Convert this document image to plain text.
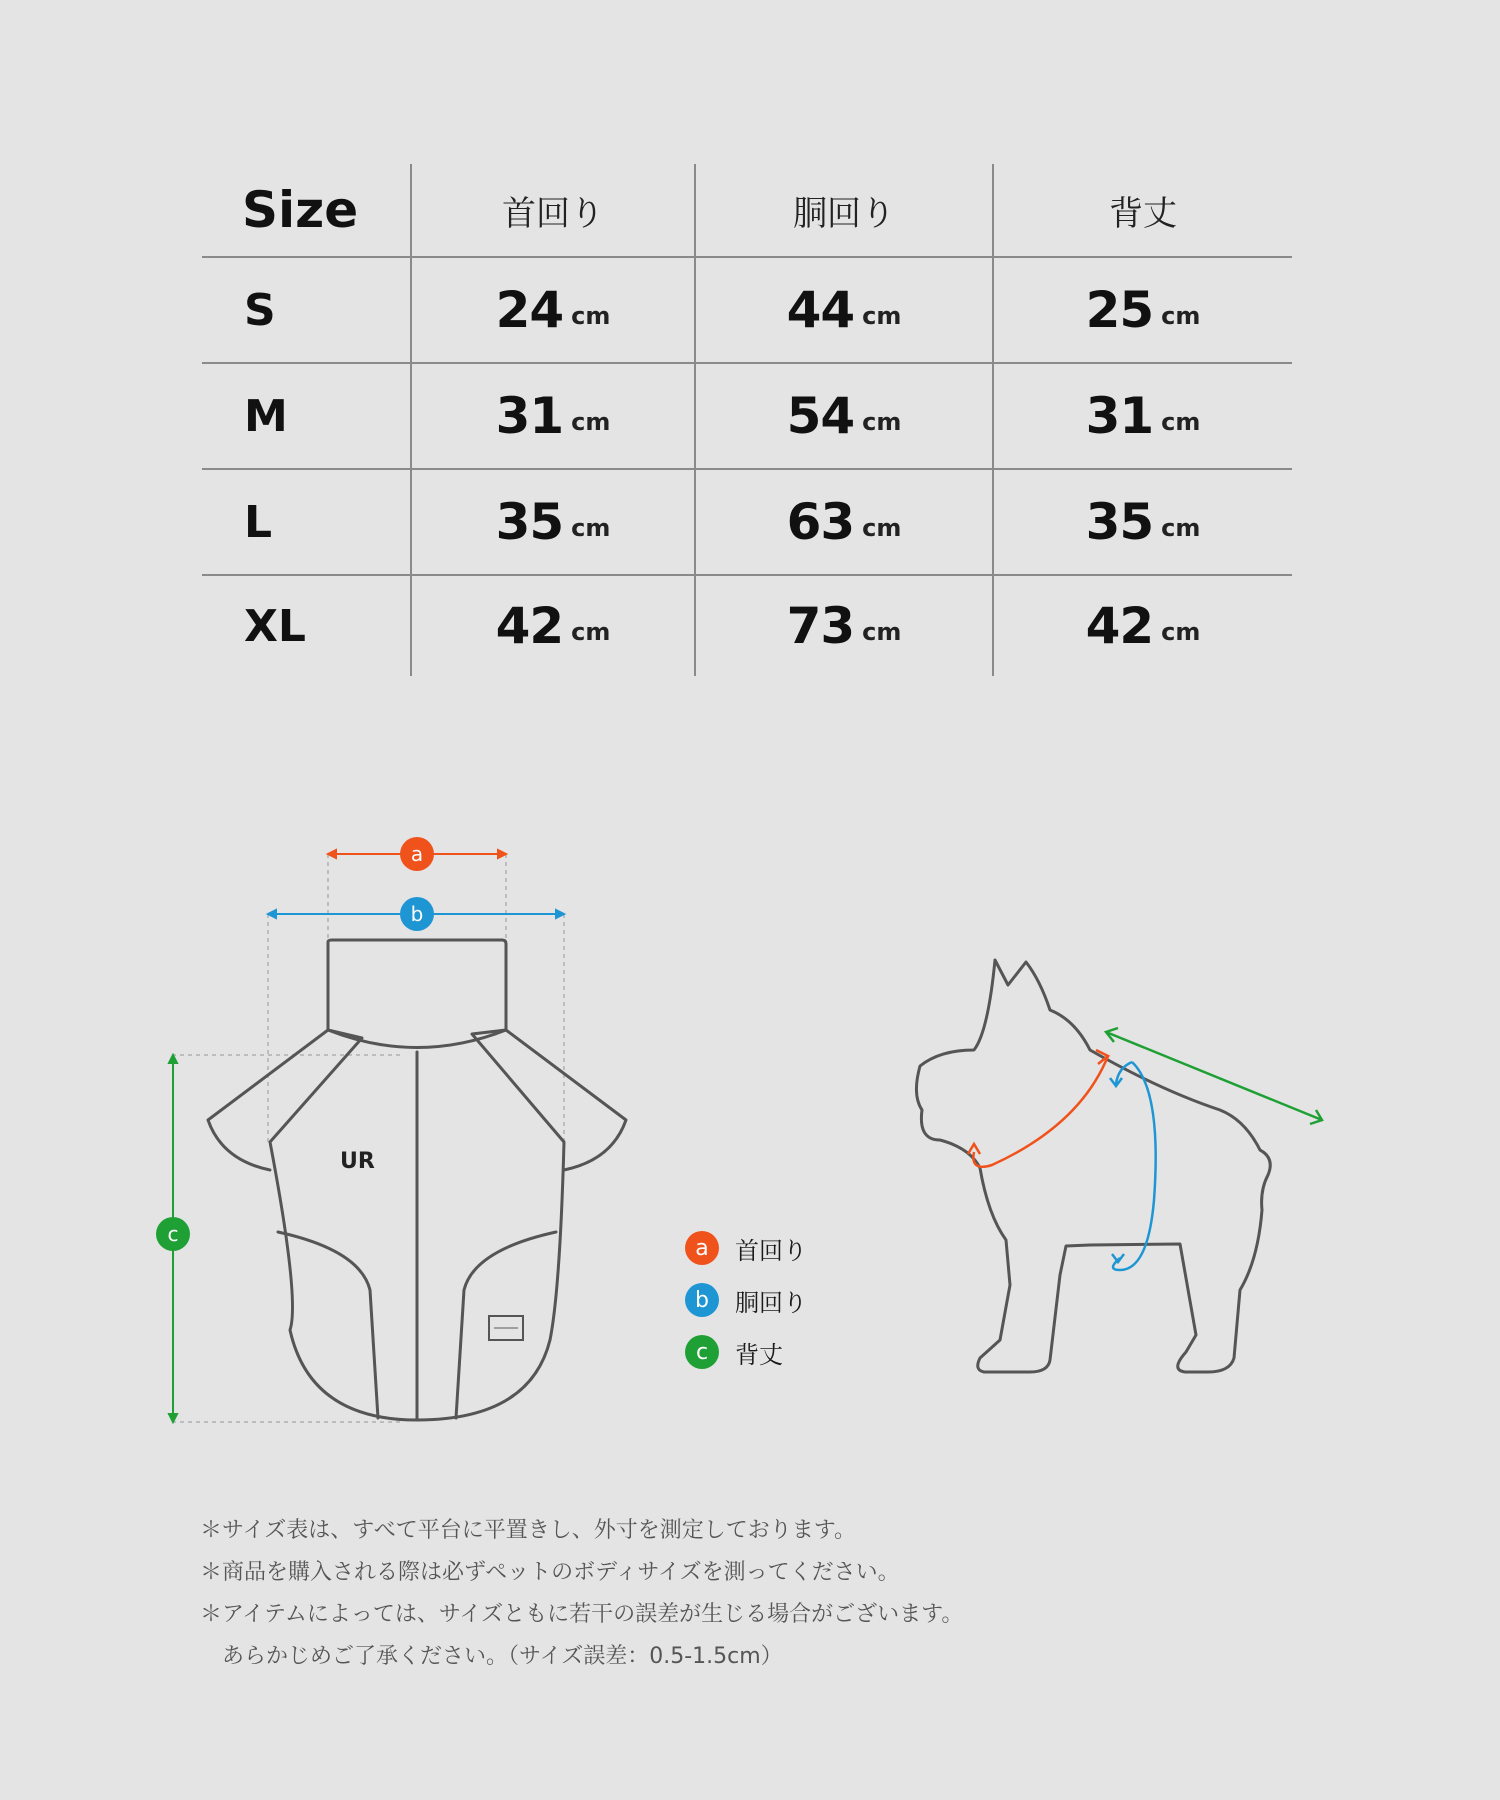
Size	首回り	胴回り	背丈
S	24 cm	44 cm	25 cm
M	31 cm	54 cm	31 cm
L	35 cm	63 cm	35 cm
XL	42 cm	73 cm	42 cm
UR
a
b
c
a 首回り
b 胴回り
c 背丈
＊サイズ表は、すべて平台に平置きし、外寸を測定しております。
＊商品を購入される際は必ずペットのボディサイズを測ってください。
＊アイテムによっては、サイズともに若干の誤差が生じる場合がございます。
　あらかじめご了承ください。（サイズ誤差：0.5-1.5cm）
